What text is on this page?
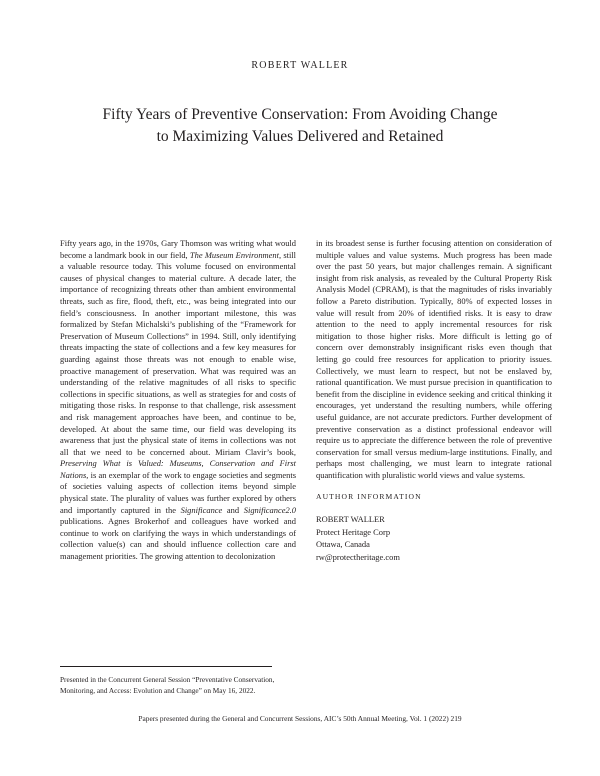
ROBERT WALLER
Fifty Years of Preventive Conservation: From Avoiding Change
to Maximizing Values Delivered and Retained

Fifty years ago, in the 1970s, Gary Thomson was writing what would become a landmark book in our field, The Museum Environment, still a valuable resource today. This volume focused on environmental causes of physical changes to material culture. A decade later, the importance of recognizing threats other than ambient environmental threats, such as fire, flood, theft, etc., was being integrated into our field’s consciousness. In another important milestone, this was formalized by Stefan Michalski’s publishing of the “Framework for Preservation of Museum Collections” in 1994. Still, only identifying threats impacting the state of collections and a few key measures for guarding against those threats was not enough to enable wise, proactive management of preservation. What was required was an understanding of the relative magnitudes of all risks to specific collections in specific situations, as well as strategies for and costs of mitigating those risks. In response to that challenge, risk assessment and risk management approaches have been, and continue to be, developed. At about the same time, our field was developing its awareness that just the physical state of items in collections was not all that we need to be concerned about. Miriam Clavir’s book, Preserving What is Valued: Museums, Conservation and First Nations, is an exemplar of the work to engage societies and segments of societies valuing aspects of collection items beyond simple physical state. The plurality of values was further explored by others and importantly captured in the Significance and Significance2.0 publications. Agnes Brokerhof and colleagues have worked and continue to work on clarifying the ways in which understandings of collection value(s) can and should influence collection care and management priorities. The growing attention to decolonization

in its broadest sense is further focusing attention on consideration of multiple values and value systems. Much progress has been made over the past 50 years, but major challenges remain. A significant insight from risk analysis, as revealed by the Cultural Property Risk Analysis Model (CPRAM), is that the magnitudes of risks invariably follow a Pareto distribution. Typically, 80% of expected losses in value will result from 20% of identified risks. It is easy to draw attention to the need to apply incremental resources for risk mitigation to those higher risks. More difficult is letting go of concern over demonstrably insignificant risks even though that letting go could free resources for application to priority issues. Collectively, we must learn to respect, but not be enslaved by, rational quantification. We must pursue precision in quantification to benefit from the discipline in evidence seeking and critical thinking it encourages, yet understand the resulting numbers, while offering useful guidance, are not accurate predictors. Further development of preventive conservation as a distinct professional endeavor will require us to appreciate the difference between the role of preventive conservation for small versus medium-large institutions. Finally, and perhaps most challenging, we must learn to integrate rational quantification with pluralistic world views and value systems.

AUTHOR INFORMATION
ROBERT WALLER
Protect Heritage Corp
Ottawa, Canada
rw@protectheritage.com
Presented in the Concurrent General Session “Preventative Conservation,
Monitoring, and Access: Evolution and Change” on May 16, 2022.
Papers presented during the General and Concurrent Sessions, AIC’s 50th Annual Meeting, Vol. 1 (2022) 219
